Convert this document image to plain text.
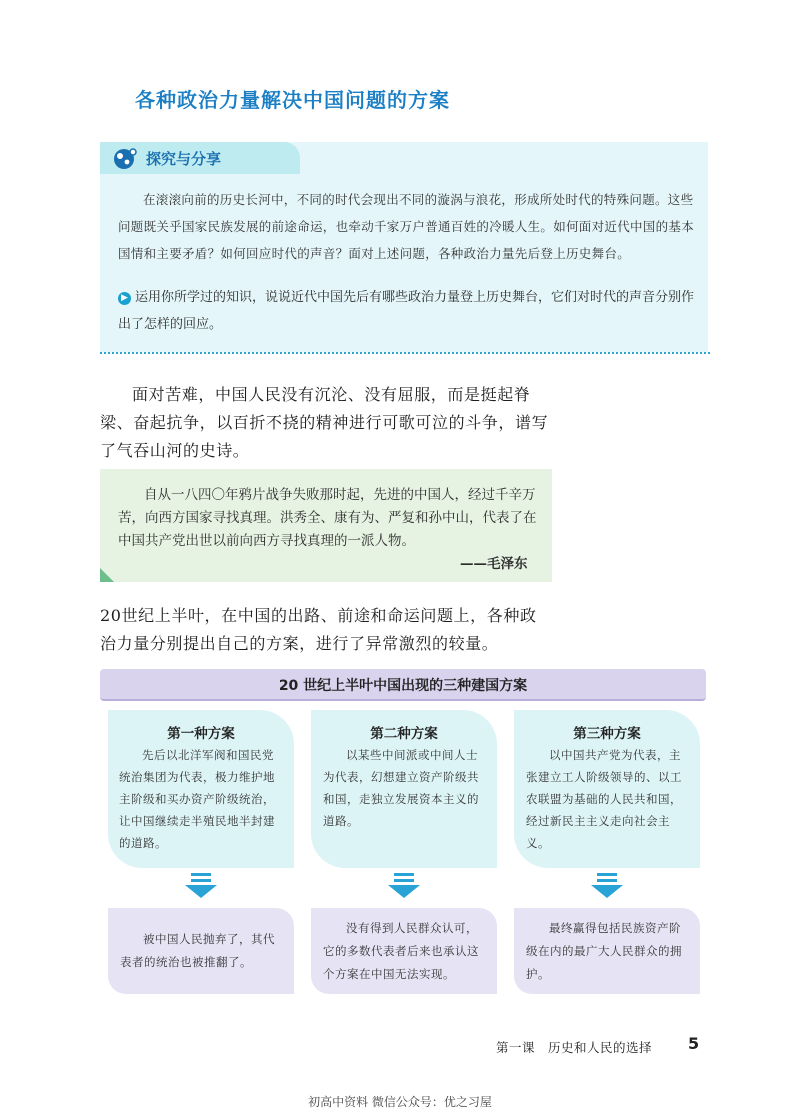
各种政治力量解决中国问题的方案
探究与分享
在滚滚向前的历史长河中，不同的时代会现出不同的漩涡与浪花，形成所处时代的特殊问题。这些问题既关乎国家民族发展的前途命运，也牵动千家万户普通百姓的冷暖人生。如何面对近代中国的基本国情和主要矛盾？如何回应时代的声音？面对上述问题，各种政治力量先后登上历史舞台。
▶ 运用你所学过的知识，说说近代中国先后有哪些政治力量登上历史舞台，它们对时代的声音分别作出了怎样的回应。
面对苦难，中国人民没有沉沦、没有屈服，而是挺起脊梁、奋起抗争，以百折不挠的精神进行可歌可泣的斗争，谱写了气吞山河的史诗。
自从一八四〇年鸦片战争失败那时起，先进的中国人，经过千辛万苦，向西方国家寻找真理。洪秀全、康有为、严复和孙中山，代表了在中国共产党出世以前向西方寻找真理的一派人物。
——毛泽东
20世纪上半叶，在中国的出路、前途和命运问题上，各种政治力量分别提出自己的方案，进行了异常激烈的较量。
20 世纪上半叶中国出现的三种建国方案
第一种方案
先后以北洋军阀和国民党统治集团为代表，极力维护地主阶级和买办资产阶级统治，让中国继续走半殖民地半封建的道路。
被中国人民抛弃了，其代表者的统治也被推翻了。
第二种方案
以某些中间派或中间人士为代表，幻想建立资产阶级共和国，走独立发展资本主义的道路。
没有得到人民群众认可，它的多数代表者后来也承认这个方案在中国无法实现。
第三种方案
以中国共产党为代表，主张建立工人阶级领导的、以工农联盟为基础的人民共和国，经过新民主主义走向社会主义。
最终赢得包括民族资产阶级在内的最广大人民群众的拥护。
第一课　历史和人民的选择 5
初高中资料 微信公众号：优之习屋
